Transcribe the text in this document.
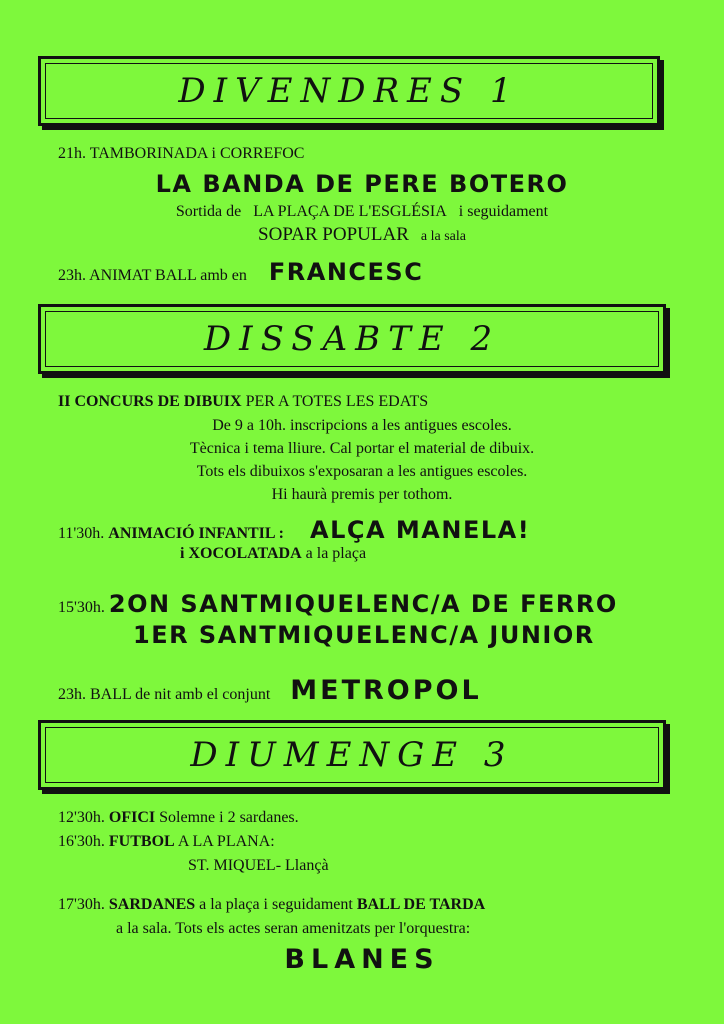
DIVENDRES 1
21h. TAMBORINADA i CORREFOC
LA BANDA DE PERE BOTERO
Sortida de LA PLAÇA DE L'ESGLÉSIA i seguidament
SOPAR POPULAR a la sala
23h. ANIMAT BALL amb en FRANCESC
DISSABTE 2
II CONCURS DE DIBUIX PER A TOTES LES EDATS
De 9 a 10h. inscripcions a les antigues escoles.
Tècnica i tema lliure. Cal portar el material de dibuix.
Tots els dibuixos s'exposaran a les antigues escoles.
Hi haurà premis per tothom.
11'30h. ANIMACIÓ INFANTIL : ALÇA MANELA!
i XOCOLATADA a la plaça
15'30h. 2ON SANTMIQUELENC/A DE FERRO
1ER SANTMIQUELENC/A JUNIOR
23h. BALL de nit amb el conjunt METROPOL
DIUMENGE 3
12'30h. OFICI Solemne i 2 sardanes.
16'30h. FUTBOL A LA PLANA:
ST. MIQUEL- Llançà
17'30h. SARDANES a la plaça i seguidament BALL DE TARDA
a la sala. Tots els actes seran amenitzats per l'orquestra:
BLANES
